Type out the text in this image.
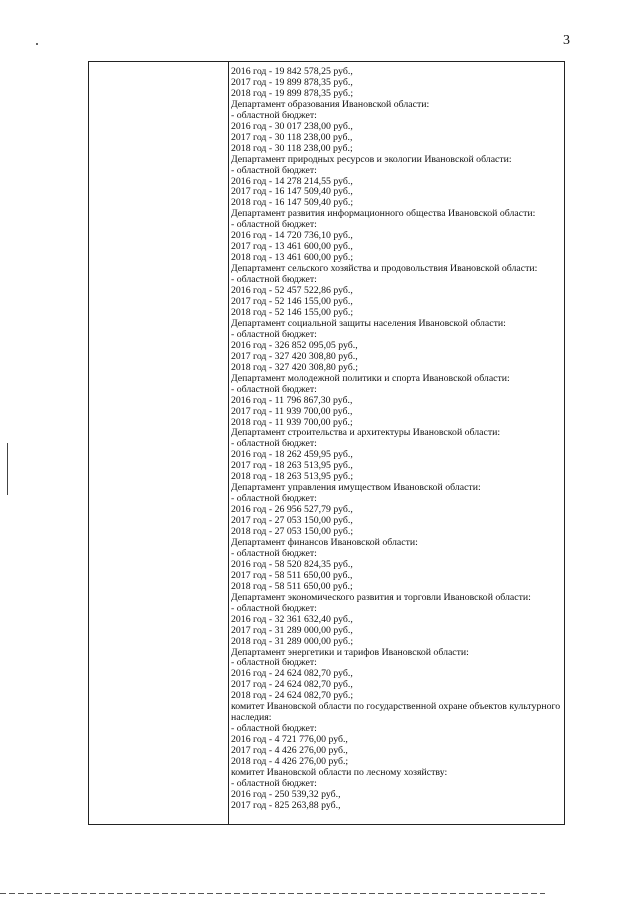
3
2016 год - 19 842 578,25 руб.,
2017 год - 19 899 878,35 руб.,
2018 год - 19 899 878,35 руб.;
Департамент образования Ивановской области:
- областной бюджет:
2016 год - 30 017 238,00 руб.,
2017 год - 30 118 238,00 руб.,
2018 год - 30 118 238,00 руб.;
Департамент природных ресурсов и экологии Ивановской области:
- областной бюджет:
2016 год - 14 278 214,55 руб.,
2017 год - 16 147 509,40 руб.,
2018 год - 16 147 509,40 руб.;
Департамент развития информационного общества Ивановской области:
- областной бюджет:
2016 год - 14 720 736,10 руб.,
2017 год - 13 461 600,00 руб.,
2018 год - 13 461 600,00 руб.;
Департамент сельского хозяйства и продовольствия Ивановской области:
- областной бюджет:
2016 год - 52 457 522,86 руб.,
2017 год - 52 146 155,00 руб.,
2018 год - 52 146 155,00 руб.;
Департамент социальной защиты населения Ивановской области:
- областной бюджет:
2016 год - 326 852 095,05 руб.,
2017 год - 327 420 308,80 руб.,
2018 год - 327 420 308,80 руб.;
Департамент молодежной политики и спорта Ивановской области:
- областной бюджет:
2016 год - 11 796 867,30 руб.,
2017 год - 11 939 700,00 руб.,
2018 год - 11 939 700,00 руб.;
Департамент строительства и архитектуры Ивановской области:
- областной бюджет:
2016 год - 18 262 459,95 руб.,
2017 год - 18 263 513,95 руб.,
2018 год - 18 263 513,95 руб.;
Департамент управления имуществом Ивановской области:
- областной бюджет:
2016 год - 26 956 527,79 руб.,
2017 год - 27 053 150,00 руб.,
2018 год - 27 053 150,00 руб.;
Департамент финансов Ивановской области:
- областной бюджет:
2016 год - 58 520 824,35 руб.,
2017 год - 58 511 650,00 руб.,
2018 год - 58 511 650,00 руб.;
Департамент экономического развития и торговли Ивановской области:
- областной бюджет:
2016 год - 32 361 632,40 руб.,
2017 год - 31 289 000,00 руб.,
2018 год - 31 289 000,00 руб.;
Департамент энергетики и тарифов Ивановской области:
- областной бюджет:
2016 год - 24 624 082,70 руб.,
2017 год - 24 624 082,70 руб.,
2018 год - 24 624 082,70 руб.;
комитет Ивановской области по государственной охране объектов культурного наследия:
- областной бюджет:
2016 год - 4 721 776,00 руб.,
2017 год - 4 426 276,00 руб.,
2018 год - 4 426 276,00 руб.;
комитет Ивановской области по лесному хозяйству:
- областной бюджет:
2016 год - 250 539,32 руб.,
2017 год - 825 263,88 руб.,
